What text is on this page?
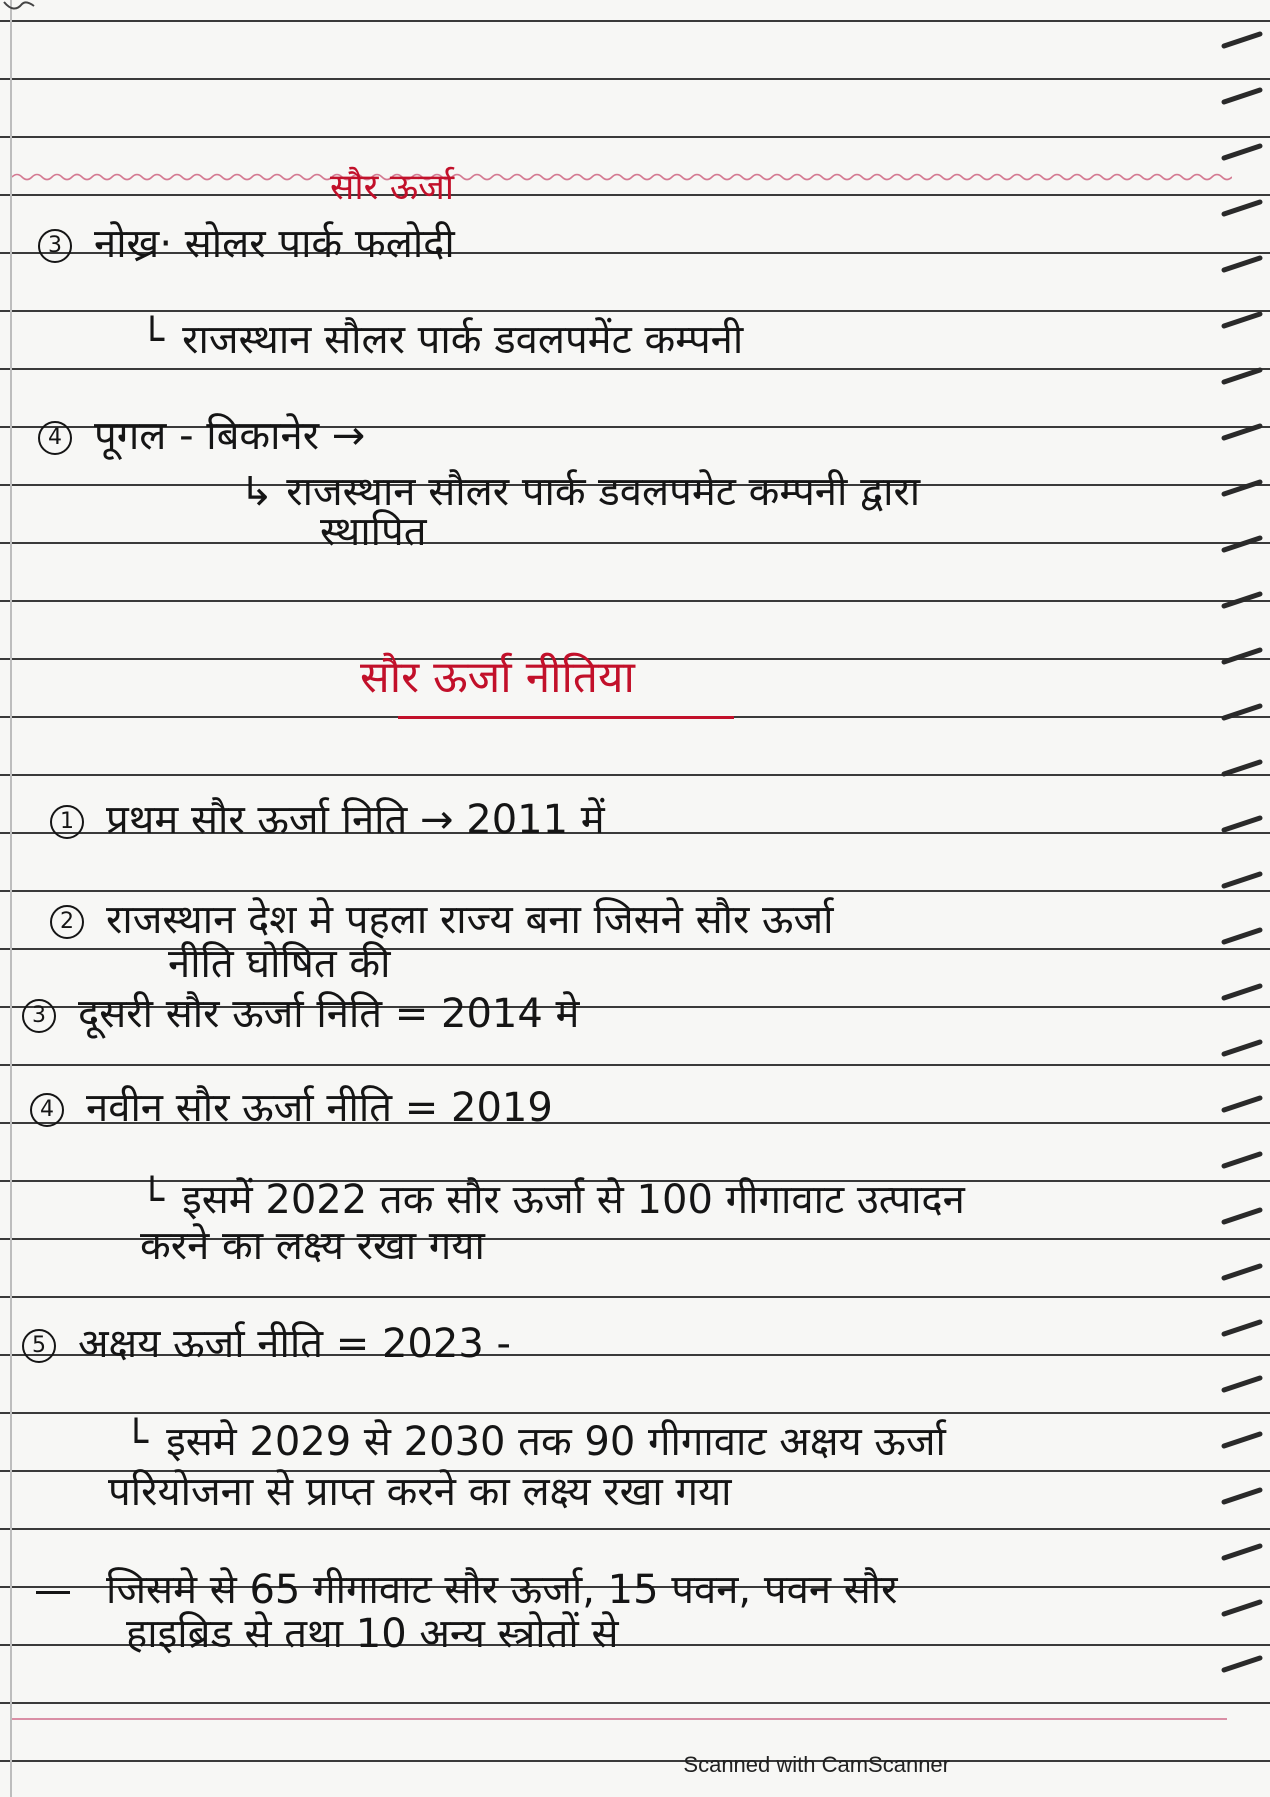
सौर ऊर्जा
3 नोख्र· सोलर पार्क फलोदी
└ राजस्थान सौलर पार्क डवलपमेंट कम्पनी
4 पूगल - बिकानेर →
↳ राजस्थान सौलर पार्क डवलपमेट कम्पनी द्वारा
स्थापित
सौर ऊर्जा नीतिया
1 प्रथम सौर ऊर्जा निति → 2011 में
2 राजस्थान देश मे पहला राज्य बना जिसने सौर ऊर्जा
नीति घोषित की
3 दूसरी सौर ऊर्जा निति = 2014 मे
4 नवीन सौर ऊर्जा नीति = 2019
└ इसमें 2022 तक सौर ऊर्जा से 100 गीगावाट उत्पादन
करने का लक्ष्य रखा गया
5 अक्षय ऊर्जा नीति = 2023 -
└ इसमे 2029 से 2030 तक 90 गीगावाट अक्षय ऊर्जा
परियोजना से प्राप्त करने का लक्ष्य रखा गया
जिसमे से 65 गीगावाट सौर ऊर्जा, 15 पवन, पवन सौर
हाइब्रिड से तथा 10 अन्य स्त्रोतों से
Scanned with CamScanner
